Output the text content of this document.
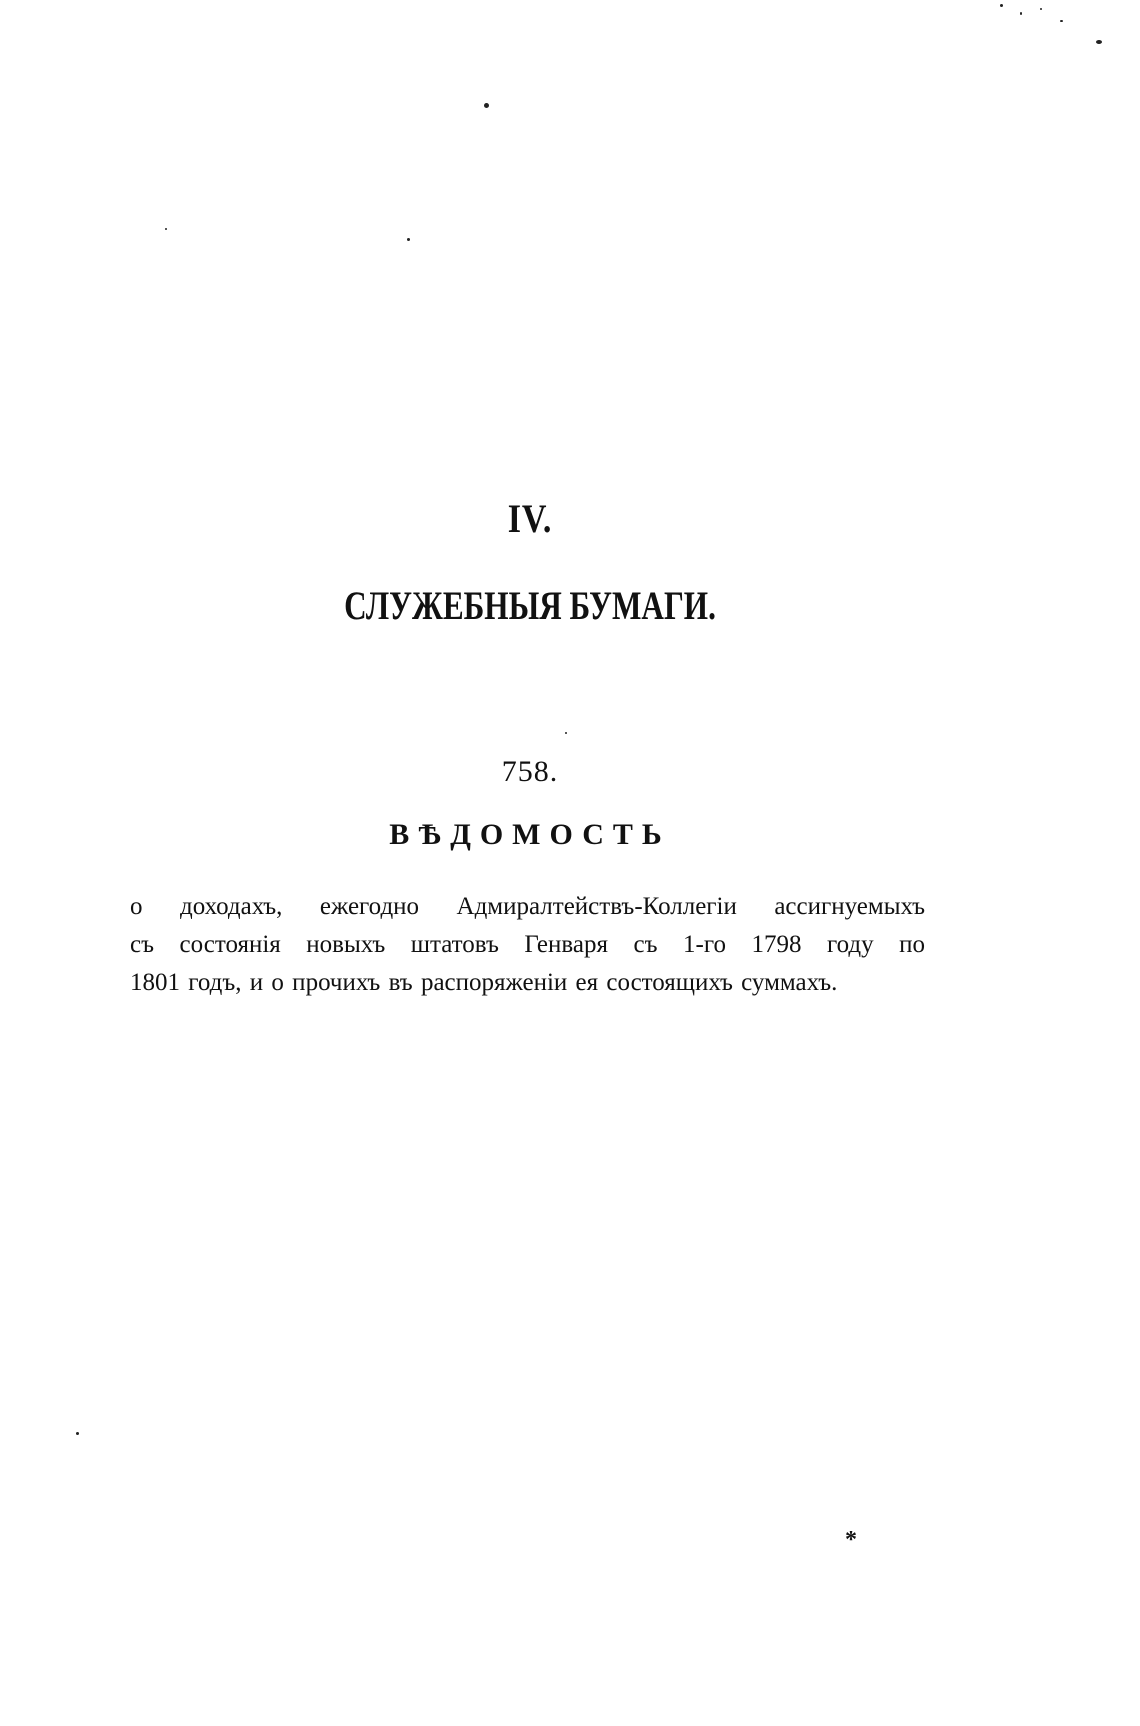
IV.
СЛУЖЕБНЫЯ БУМАГИ.
758.
ВѢДОМОСТЬ
о доходахъ, ежегодно Адмиралтействъ-Коллегіи ассигнуемыхъ
съ состоянія новыхъ штатовъ Генваря съ 1-го 1798 году по
1801 годъ, и о прочихъ въ распоряженіи ея состоящихъ суммахъ.
*
